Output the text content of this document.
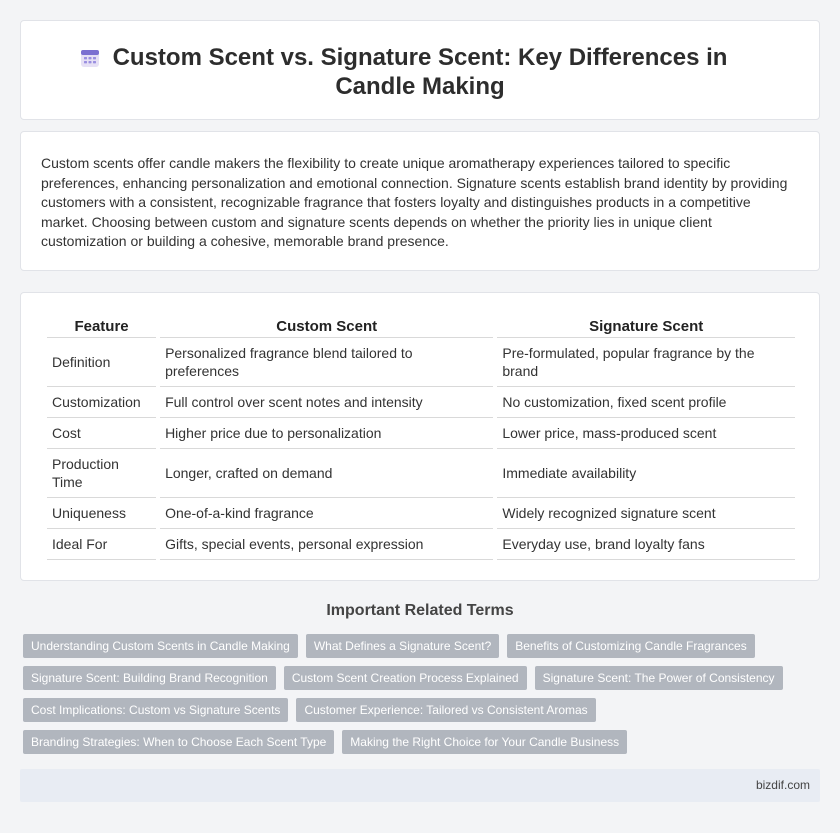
Custom Scent vs. Signature Scent: Key Differences in Candle Making

Custom scents offer candle makers the flexibility to create unique aromatherapy experiences tailored to specific preferences, enhancing personalization and emotional connection. Signature scents establish brand identity by providing customers with a consistent, recognizable fragrance that fosters loyalty and distinguishes products in a competitive market. Choosing between custom and signature scents depends on whether the priority lies in unique client customization or building a cohesive, memorable brand presence.

Feature	Custom Scent	Signature Scent
Definition	Personalized fragrance blend tailored to preferences	Pre-formulated, popular fragrance by the brand
Customization	Full control over scent notes and intensity	No customization, fixed scent profile
Cost	Higher price due to personalization	Lower price, mass-produced scent
Production Time	Longer, crafted on demand	Immediate availability
Uniqueness	One-of-a-kind fragrance	Widely recognized signature scent
Ideal For	Gifts, special events, personal expression	Everyday use, brand loyalty fans
Important Related Terms
Understanding Custom Scents in Candle Making	What Defines a Signature Scent?	Benefits of Customizing Candle Fragrances
Signature Scent: Building Brand Recognition	Custom Scent Creation Process Explained	Signature Scent: The Power of Consistency
Cost Implications: Custom vs Signature Scents	Customer Experience: Tailored vs Consistent Aromas
Branding Strategies: When to Choose Each Scent Type	Making the Right Choice for Your Candle Business
bizdif.com
